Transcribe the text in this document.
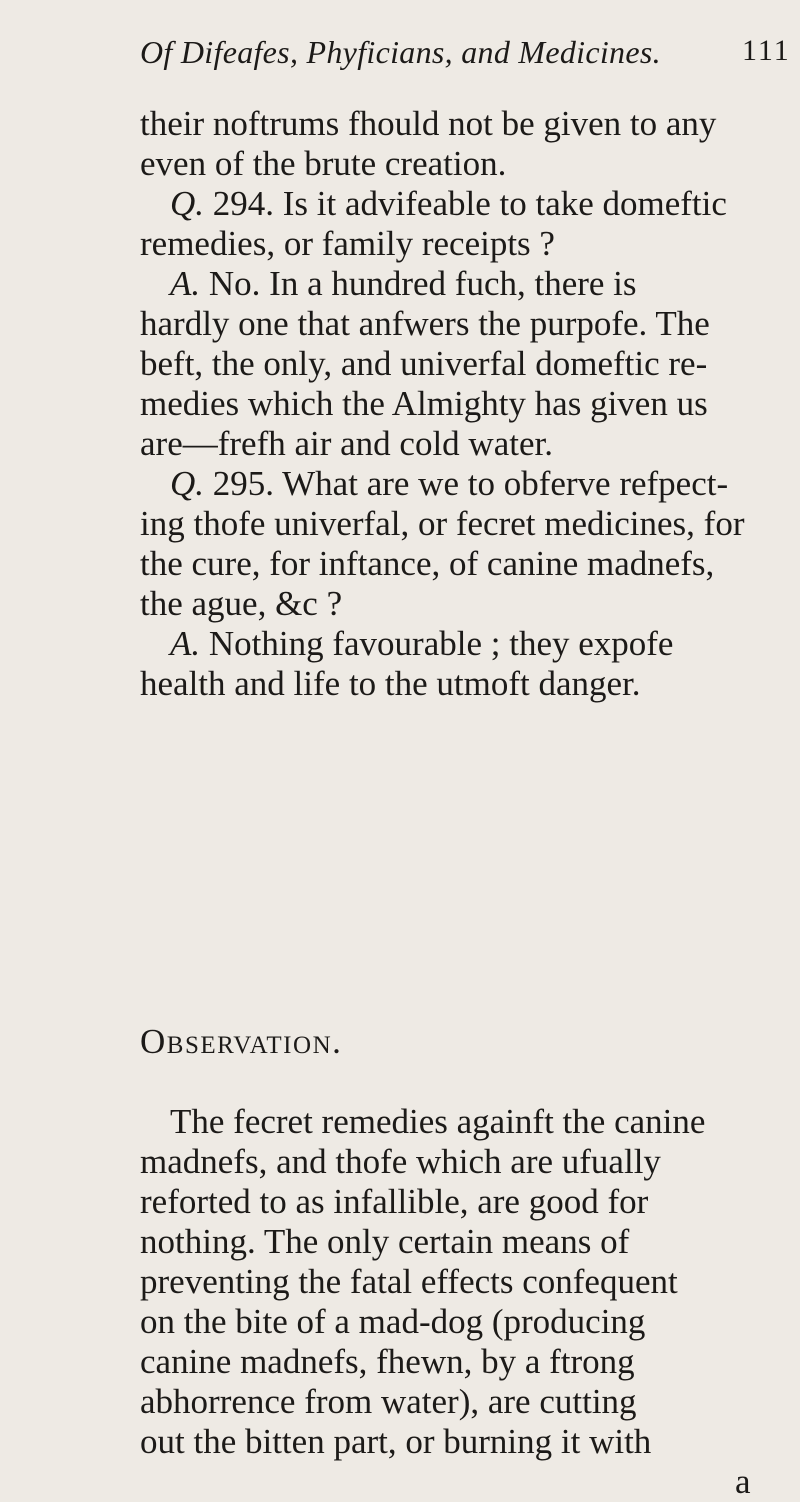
Of Difeafes, Phyficians, and Medicines.	111
their noftrums fhould not be given to any
even of the brute creation.
Q. 294. Is it advifeable to take domeftic
remedies, or family receipts ?
A. No. In a hundred fuch, there is
hardly one that anfwers the purpofe. The
beft, the only, and univerfal domeftic re-
medies which the Almighty has given us
are—frefh air and cold water.
Q. 295. What are we to obferve refpect-
ing thofe univerfal, or fecret medicines, for
the cure, for inftance, of canine madnefs,
the ague, &c ?
A. Nothing favourable ; they expofe
health and life to the utmoft danger.
Observation.
The fecret remedies againft the canine
madnefs, and thofe which are ufually
reforted to as infallible, are good for
nothing. The only certain means of
preventing the fatal effects confequent
on the bite of a mad-dog (producing
canine madnefs, fhewn, by a ftrong
abhorrence from water), are cutting
out the bitten part, or burning it with
a
